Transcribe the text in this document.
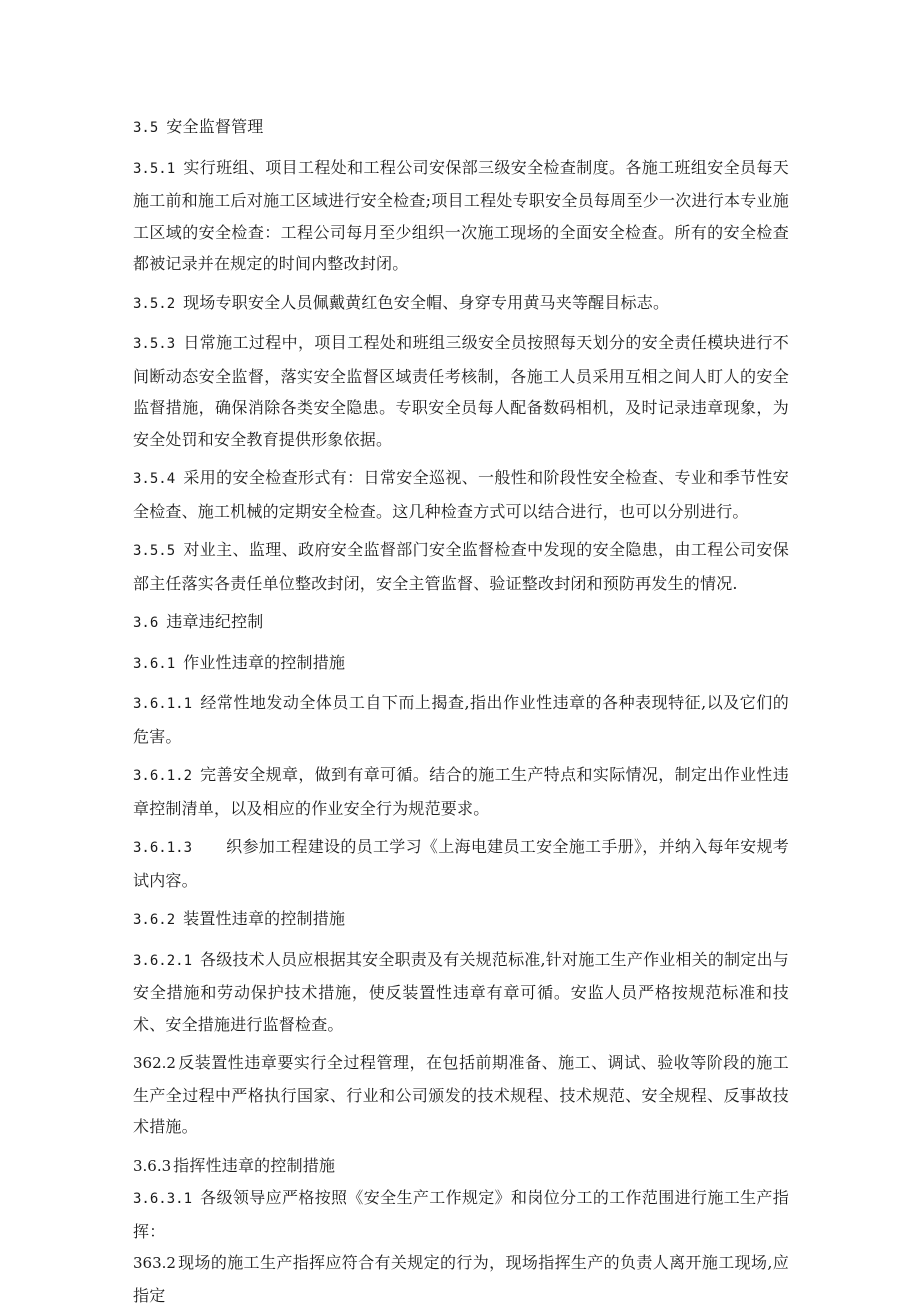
3.5 安全监督管理

3.5.1 实行班组、项目工程处和工程公司安保部三级安全检查制度。各施工班组安全员每天施工前和施工后对施工区域进行安全检查;项目工程处专职安全员每周至少一次进行本专业施工区域的安全检查：工程公司每月至少组织一次施工现场的全面安全检查。所有的安全检查都被记录并在规定的时间内整改封闭。

3.5.2 现场专职安全人员佩戴黄红色安全帽、身穿专用黄马夹等醒目标志。

3.5.3 日常施工过程中，项目工程处和班组三级安全员按照每天划分的安全责任模块进行不间断动态安全监督，落实安全监督区域责任考核制，各施工人员采用互相之间人盯人的安全监督措施，确保消除各类安全隐患。专职安全员每人配备数码相机，及时记录违章现象，为安全处罚和安全教育提供形象依据。

3.5.4 采用的安全检查形式有：日常安全巡视、一般性和阶段性安全检查、专业和季节性安全检查、施工机械的定期安全检查。这几种检查方式可以结合进行，也可以分别进行。

3.5.5 对业主、监理、政府安全监督部门安全监督检查中发现的安全隐患，由工程公司安保部主任落实各责任单位整改封闭，安全主管监督、验证整改封闭和预防再发生的情况.

3.6 违章违纪控制

3.6.1 作业性违章的控制措施

3.6.1.1 经常性地发动全体员工自下而上揭查,指出作业性违章的各种表现特征,以及它们的危害。

3.6.1.2 完善安全规章，做到有章可循。结合的施工生产特点和实际情况，制定出作业性违章控制清单，以及相应的作业安全行为规范要求。

3.6.1.3 织参加工程建设的员工学习《上海电建员工安全施工手册》，并纳入每年安规考试内容。

3.6.2 装置性违章的控制措施

3.6.2.1 各级技术人员应根据其安全职责及有关规范标准,针对施工生产作业相关的制定出与安全措施和劳动保护技术措施，使反装置性违章有章可循。安监人员严格按规范标准和技术、安全措施进行监督检查。

362.2 反装置性违章要实行全过程管理，在包括前期准备、施工、调试、验收等阶段的施工生产全过程中严格执行国家、行业和公司颁发的技术规程、技术规范、安全规程、反事故技术措施。

3.6.3 指挥性违章的控制措施

3.6.3.1 各级领导应严格按照《安全生产工作规定》和岗位分工的工作范围进行施工生产指挥：

363.2 现场的施工生产指挥应符合有关规定的行为，现场指挥生产的负责人离开施工现场,应指定
